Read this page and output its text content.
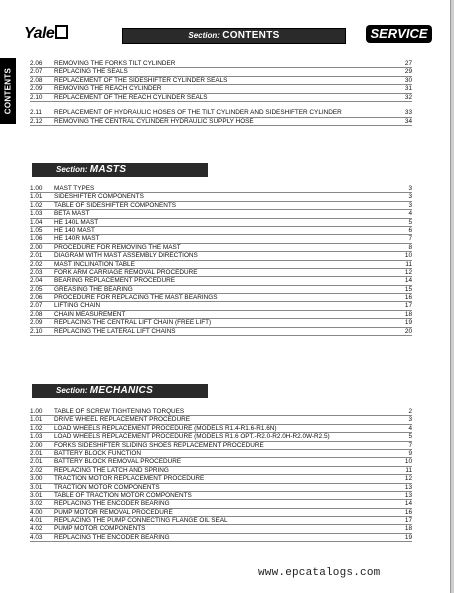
Yale	Section: CONTENTS	SERVICE
CONTENTS
2.06	REMOVING THE FORKS TILT CYLINDER	27
2.07	REPLACING THE SEALS	29
2.08	REPLACEMENT OF THE SIDESHIFTER CYLINDER SEALS	30
2.09	REMOVING THE REACH CYLINDER	31
2.10	REPLACEMENT OF THE REACH CYLINDER SEALS	32
2.11	REPLACEMENT OF HYDRAULIC HOSES OF THE TILT CYLINDER AND SIDESHIFTER CYLINDER	33
2.12	REMOVING THE CENTRAL CYLINDER HYDRAULIC SUPPLY HOSE	34
Section: MASTS
1.00	MAST TYPES	3
1.01	SIDESHIFTER COMPONENTS	3
1.02	TABLE OF SIDESHIFTER COMPONENTS	3
1.03	BETA MAST	4
1.04	HE 140L MAST	5
1.05	HE 140 MAST	6
1.06	HE 140R MAST	7
2.00	PROCEDURE FOR REMOVING THE MAST	8
2.01	DIAGRAM WITH MAST ASSEMBLY DIRECTIONS	10
2.02	MAST INCLINATION TABLE	11
2.03	FORK ARM CARRIAGE REMOVAL PROCEDURE	12
2.04	BEARING REPLACEMENT PROCEDURE	14
2.05	GREASING THE BEARING	15
2.06	PROCEDURE FOR REPLACING THE MAST BEARINGS	16
2.07	LIFTING CHAIN	17
2.08	CHAIN MEASUREMENT	18
2.09	REPLACING THE CENTRAL LIFT CHAIN (FREE LIFT)	19
2.10	REPLACING THE LATERAL LIFT CHAINS	20
Section: MECHANICS
1.00	TABLE OF SCREW TIGHTENING TORQUES	2
1.01	DRIVE WHEEL REPLACEMENT PROCEDURE	3
1.02	LOAD WHEELS REPLACEMENT PROCEDURE (MODELS R1.4-R1.6-R1.6N)	4
1.03	LOAD WHEELS REPLACEMENT PROCEDURE (MODELS R1.6 OPT.-R2.0-R2.0H-R2.0W-R2.5)	5
2.00	FORKS SIDESHIFTER SLIDING SHOES REPLACEMENT PROCEDURE	7
2.01	BATTERY BLOCK FUNCTION	9
2.01	BATTERY BLOCK REMOVAL PROCEDURE	10
2.02	REPLACING THE LATCH AND SPRING	11
3.00	TRACTION MOTOR REPLACEMENT PROCEDURE	12
3.01	TRACTION MOTOR COMPONENTS	13
3.01	TABLE OF TRACTION MOTOR COMPONENTS	13
3.02	REPLACING THE ENCODER BEARING	14
4.00	PUMP MOTOR REMOVAL PROCEDURE	16
4.01	REPLACING THE PUMP CONNECTING FLANGE OIL SEAL	17
4.02	PUMP MOTOR COMPONENTS	18
4.03	REPLACING THE ENCODER BEARING	19
www.epcatalogs.com
